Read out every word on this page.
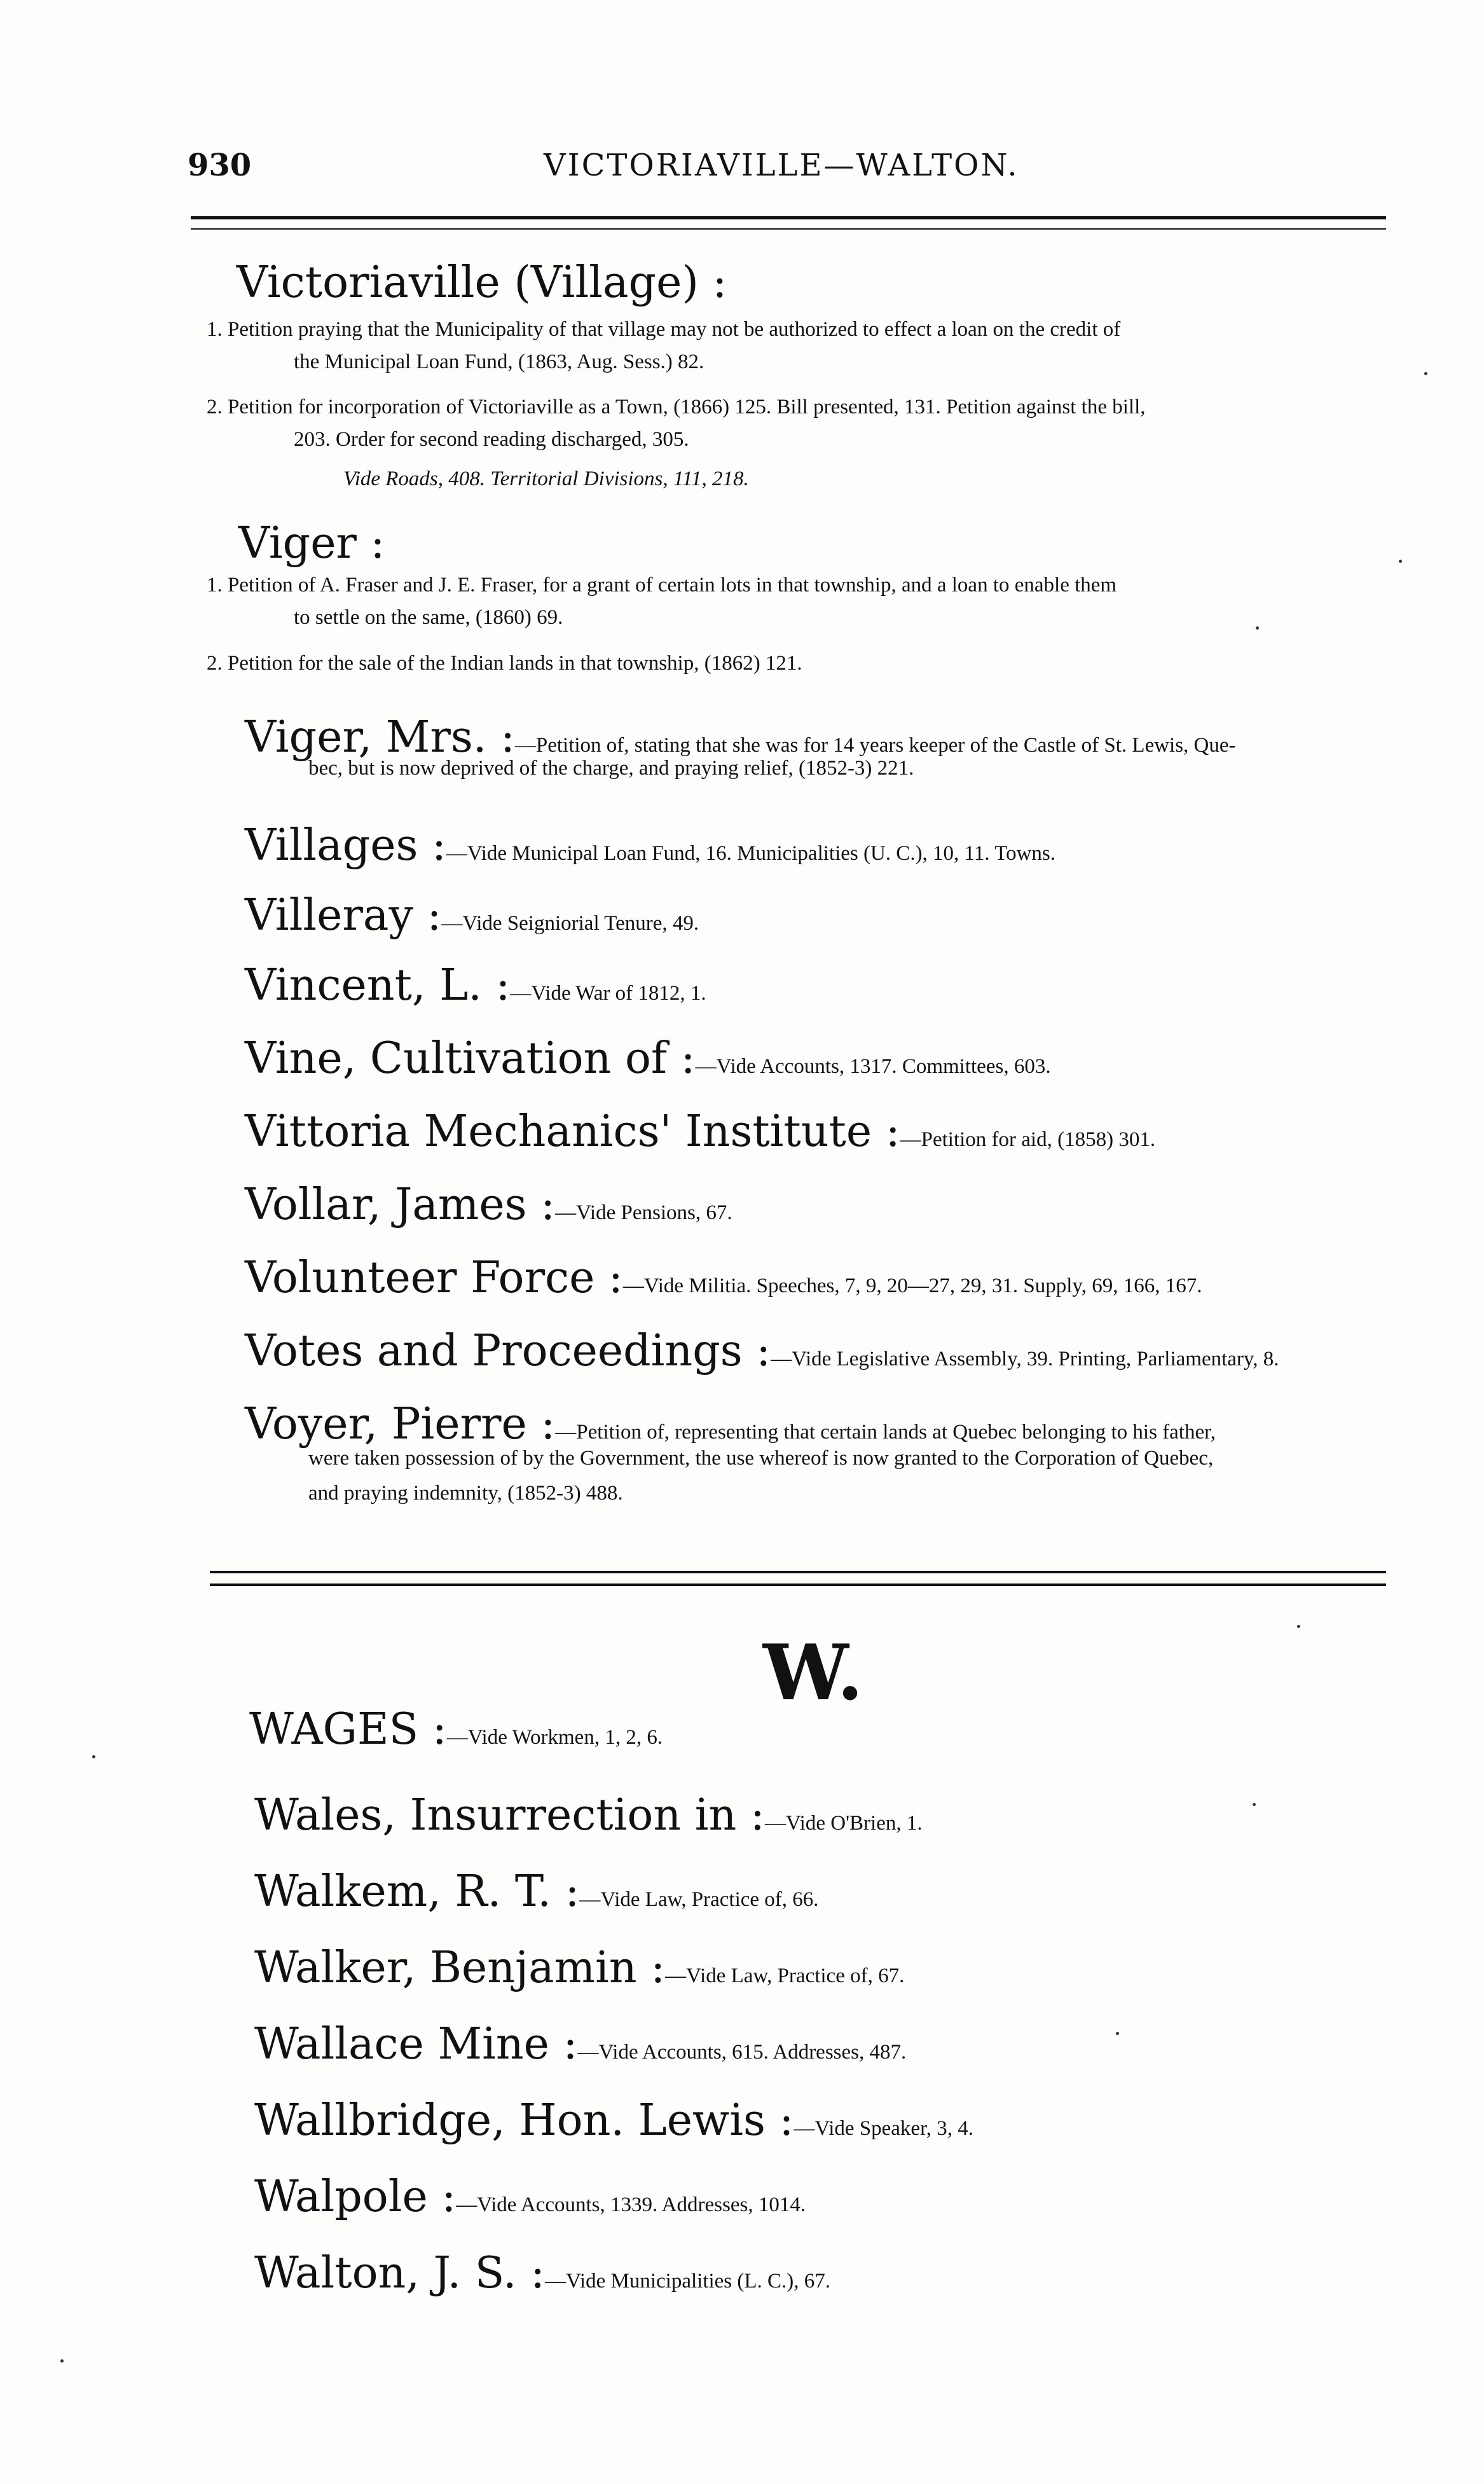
930	VICTORIAVILLE—WALTON.
Victoriaville (Village) :
1. Petition praying that the Municipality of that village may not be authorized to effect a loan on the credit of
the Municipal Loan Fund, (1863, Aug. Sess.) 82.
2. Petition for incorporation of Victoriaville as a Town, (1866) 125. Bill presented, 131. Petition against the bill,
203. Order for second reading discharged, 305.
Vide Roads, 408. Territorial Divisions, 111, 218.
Viger :
1. Petition of A. Fraser and J. E. Fraser, for a grant of certain lots in that township, and a loan to enable them
to settle on the same, (1860) 69.
2. Petition for the sale of the Indian lands in that township, (1862) 121.
Viger, Mrs. :—Petition of, stating that she was for 14 years keeper of the Castle of St. Lewis, Que-
bec, but is now deprived of the charge, and praying relief, (1852-3) 221.
Villages :—Vide Municipal Loan Fund, 16. Municipalities (U. C.), 10, 11. Towns.
Villeray :—Vide Seigniorial Tenure, 49.
Vincent, L. :—Vide War of 1812, 1.
Vine, Cultivation of :—Vide Accounts, 1317. Committees, 603.
Vittoria Mechanics' Institute :—Petition for aid, (1858) 301.
Vollar, James :—Vide Pensions, 67.
Volunteer Force :—Vide Militia. Speeches, 7, 9, 20—27, 29, 31. Supply, 69, 166, 167.
Votes and Proceedings :—Vide Legislative Assembly, 39. Printing, Parliamentary, 8.
Voyer, Pierre :—Petition of, representing that certain lands at Quebec belonging to his father,
were taken possession of by the Government, the use whereof is now granted to the Corporation of Quebec,
and praying indemnity, (1852-3) 488.
W.
WAGES :—Vide Workmen, 1, 2, 6.
Wales, Insurrection in :—Vide O'Brien, 1.
Walkem, R. T. :—Vide Law, Practice of, 66.
Walker, Benjamin :—Vide Law, Practice of, 67.
Wallace Mine :—Vide Accounts, 615. Addresses, 487.
Wallbridge, Hon. Lewis :—Vide Speaker, 3, 4.
Walpole :—Vide Accounts, 1339. Addresses, 1014.
Walton, J. S. :—Vide Municipalities (L. C.), 67.
